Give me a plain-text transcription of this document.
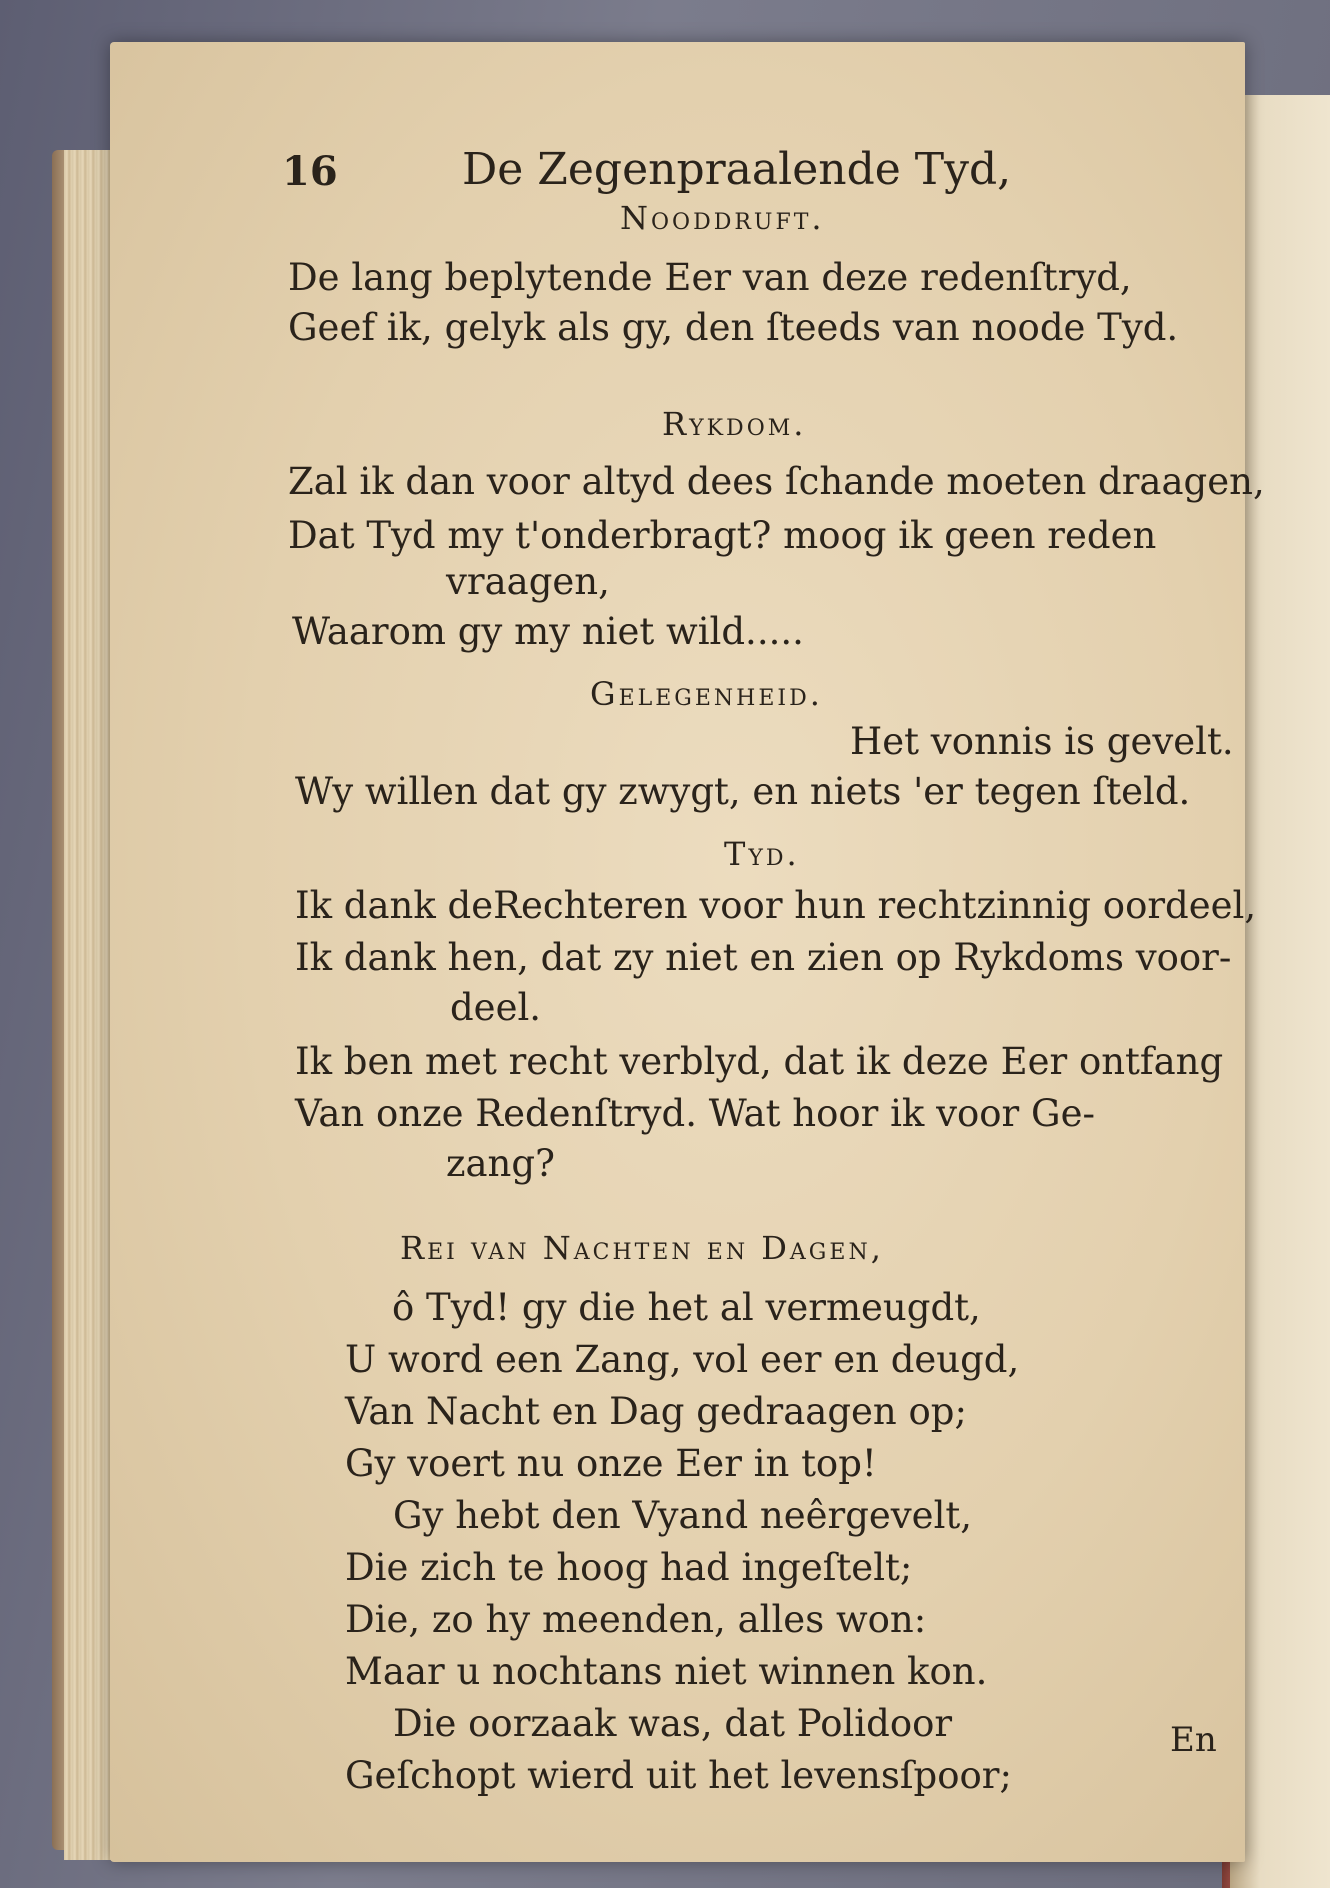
16	De Zegenpraalende Tyd,
Nooddruft.
De lang beplytende Eer van deze redenſtryd,
Geef ik, gelyk als gy, den ſteeds van noode Tyd.
Rykdom.
Zal ik dan voor altyd dees ſchande moeten draagen,
Dat Tyd my t'onderbragt? moog ik geen reden
vraagen,
Waarom gy my niet wild.....
Gelegenheid.
Het vonnis is gevelt.
Wy willen dat gy zwygt, en niets 'er tegen ſteld.
Tyd.
Ik dank deRechteren voor hun rechtzinnig oordeel,
Ik dank hen, dat zy niet en zien op Rykdoms voor-
deel.
Ik ben met recht verblyd, dat ik deze Eer ontfang
Van onze Redenſtryd. Wat hoor ik voor Ge-
zang?
Rei van Nachten en Dagen,
ô Tyd! gy die het al vermeugdt,
U word een Zang, vol eer en deugd,
Van Nacht en Dag gedraagen op;
Gy voert nu onze Eer in top!
Gy hebt den Vyand neêrgevelt,
Die zich te hoog had ingeſtelt;
Die, zo hy meenden, alles won:
Maar u nochtans niet winnen kon.
Die oorzaak was, dat Polidoor
Geſchopt wierd uit het levensſpoor;
En
